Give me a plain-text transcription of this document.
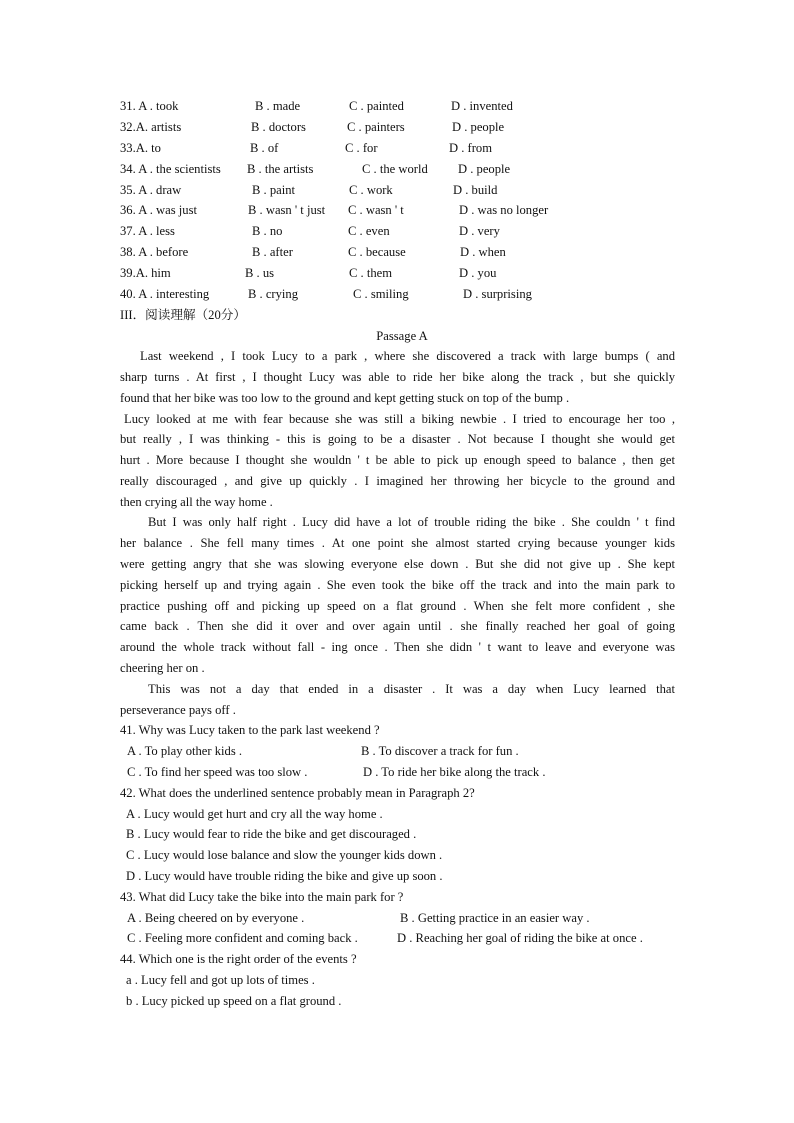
31. A . took	B . made	C . painted	D . invented
32.A. artists	B . doctors	C . painters	D . people
33.A. to	B . of	C . for	D . from
34. A . the scientists B . the artists	C . the world D . people
35. A . draw	B . paint	C . work	D . build
36. A . was just	B . wasn ' t just C . wasn ' t	D . was no longer
37. A . less	B . no	C . even	D . very
38. A . before	B . after	C . because	D . when
39.A. him	B . us	C . them	D . you
40. A . interesting	B . crying	C . smiling	D . surprising
III．阅读理解（20分）
Passage A
Last weekend , I took Lucy to a park , where she discovered a track with large bumps ( and
sharp turns . At first , I thought Lucy was able to ride her bike along the track , but she quickly
found that her bike was too low to the ground and kept getting stuck on top of the bump .
Lucy looked at me with fear because she was still a biking newbie . I tried to encourage her too ,
but really , I was thinking - this is going to be a disaster . Not because I thought she would get
hurt . More because I thought she wouldn ' t be able to pick up enough speed to balance , then get
really discouraged , and give up quickly . I imagined her throwing her bicycle to the ground and
then crying all the way home .
But I was only half right . Lucy did have a lot of trouble riding the bike . She couldn ' t find
her balance . She fell many times . At one point she almost started crying because younger kids
were getting angry that she was slowing everyone else down . But she did not give up . She kept
picking herself up and trying again . She even took the bike off the track and into the main park to
practice pushing off and picking up speed on a flat ground . When she felt more confident , she
came back . Then she did it over and over again until . she finally reached her goal of going
around the whole track without fall - ing once . Then she didn ' t want to leave and everyone was
cheering her on .
This was not a day that ended in a disaster . It was a day when Lucy learned that
perseverance pays off .
41. Why was Lucy taken to the park last weekend ?
A . To play other kids .	B . To discover a track for fun .
C . To find her speed was too slow .	D . To ride her bike along the track .
42. What does the underlined sentence probably mean in Paragraph 2?
A . Lucy would get hurt and cry all the way home .
B . Lucy would fear to ride the bike and get discouraged .
C . Lucy would lose balance and slow the younger kids down .
D . Lucy would have trouble riding the bike and give up soon .
43. What did Lucy take the bike into the main park for ?
A . Being cheered on by everyone .	B . Getting practice in an easier way .
C . Feeling more confident and coming back .	D . Reaching her goal of riding the bike at once .
44. Which one is the right order of the events ?
a . Lucy fell and got up lots of times .
b . Lucy picked up speed on a flat ground .
